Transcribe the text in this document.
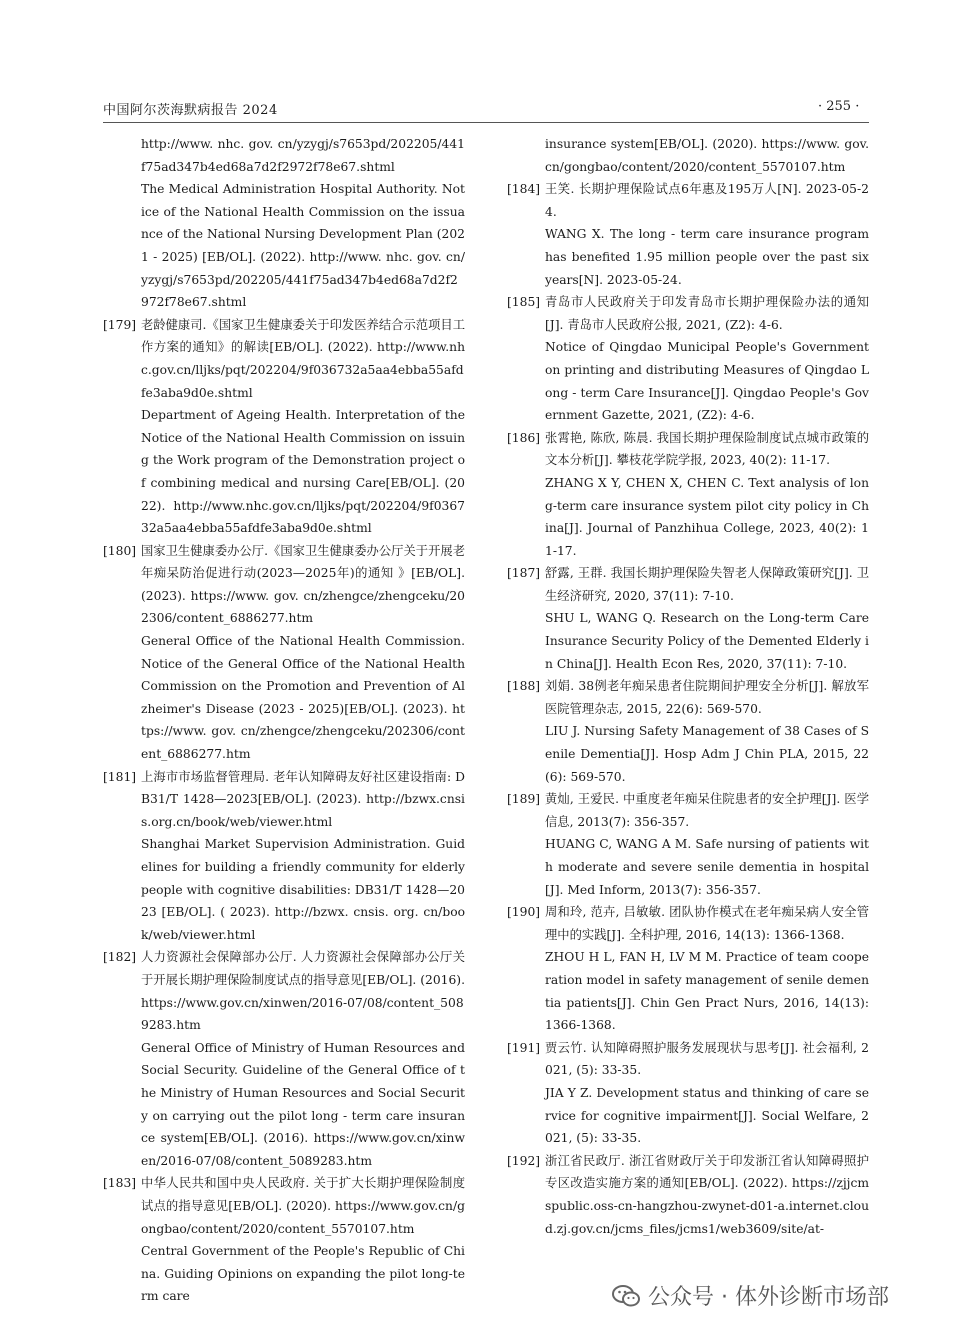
中国阿尔茨海默病报告 2024	· 255 ·

http://www. nhc. gov. cn/yzygj/s7653pd/202205/441f75ad347b4ed68a7d2f2972f78e67.shtml

The Medical Administration Hospital Authority. Notice of the National Health Commission on the issuance of the National Nursing Development Plan (2021 - 2025) [EB/OL]. (2022). http://www. nhc. gov. cn/yzygj/s7653pd/202205/441f75ad347b4ed68a7d2f2972f78e67.shtml

[179] 老龄健康司.《国家卫生健康委关于印发医养结合示范项目工作方案的通知》的解读[EB/OL]. (2022). http://www.nhc.gov.cn/lljks/pqt/202204/9f036732a5aa4ebba55afdfe3aba9d0e.shtml

Department of Ageing Health. Interpretation of the Notice of the National Health Commission on issuing the Work program of the Demonstration project of combining medical and nursing Care[EB/OL]. (2022). http://www.nhc.gov.cn/lljks/pqt/202204/9f036732a5aa4ebba55afdfe3aba9d0e.shtml

[180] 国家卫生健康委办公厅.《国家卫生健康委办公厅关于开展老年痴呆防治促进行动(2023—2025年)的通知 》[EB/OL]. (2023). https://www. gov. cn/zhengce/zhengceku/202306/content_6886277.htm

General Office of the National Health Commission. Notice of the General Office of the National Health Commission on the Promotion and Prevention of Alzheimer's Disease (2023 - 2025)[EB/OL]. (2023). https://www. gov. cn/zhengce/zhengceku/202306/content_6886277.htm

[181] 上海市市场监督管理局. 老年认知障碍友好社区建设指南: DB31/T 1428—2023[EB/OL]. (2023). http://bzwx.cnsis.org.cn/book/web/viewer.html

Shanghai Market Supervision Administration. Guidelines for building a friendly community for elderly people with cognitive disabilities: DB31/T 1428—2023 [EB/OL]. ( 2023). http://bzwx. cnsis. org. cn/book/web/viewer.html

[182] 人力资源社会保障部办公厅. 人力资源社会保障部办公厅关于开展长期护理保险制度试点的指导意见[EB/OL]. (2016). https://www.gov.cn/xinwen/2016-07/08/content_5089283.htm

General Office of Ministry of Human Resources and Social Security. Guideline of the General Office of the Ministry of Human Resources and Social Security on carrying out the pilot long - term care insurance system[EB/OL]. (2016). https://www.gov.cn/xinwen/2016-07/08/content_5089283.htm

[183] 中华人民共和国中央人民政府. 关于扩大长期护理保险制度试点的指导意见[EB/OL]. (2020). https://www.gov.cn/gongbao/content/2020/content_5570107.htm

Central Government of the People's Republic of China. Guiding Opinions on expanding the pilot long-term care

insurance system[EB/OL]. (2020). https://www. gov. cn/gongbao/content/2020/content_5570107.htm

[184] 王笑. 长期护理保险试点6年惠及195万人[N]. 2023-05-24.

WANG X. The long - term care insurance program has benefited 1.95 million people over the past six years[N]. 2023-05-24.

[185] 青岛市人民政府关于印发青岛市长期护理保险办法的通知[J]. 青岛市人民政府公报, 2021, (Z2): 4-6.

Notice of Qingdao Municipal People's Government on printing and distributing Measures of Qingdao Long - term Care Insurance[J]. Qingdao People's Government Gazette, 2021, (Z2): 4-6.

[186] 张霄艳, 陈欣, 陈晨. 我国长期护理保险制度试点城市政策的文本分析[J]. 攀枝花学院学报, 2023, 40(2): 11-17.

ZHANG X Y, CHEN X, CHEN C. Text analysis of long-term care insurance system pilot city policy in China[J]. Journal of Panzhihua College, 2023, 40(2): 11-17.

[187] 舒露, 王群. 我国长期护理保险失智老人保障政策研究[J]. 卫生经济研究, 2020, 37(11): 7-10.

SHU L, WANG Q. Research on the Long-term Care Insurance Security Policy of the Demented Elderly in China[J]. Health Econ Res, 2020, 37(11): 7-10.

[188] 刘娟. 38例老年痴呆患者住院期间护理安全分析[J]. 解放军医院管理杂志, 2015, 22(6): 569-570.

LIU J. Nursing Safety Management of 38 Cases of Senile Dementia[J]. Hosp Adm J Chin PLA, 2015, 22(6): 569-570.

[189] 黄灿, 王爱民. 中重度老年痴呆住院患者的安全护理[J]. 医学信息, 2013(7): 356-357.

HUANG C, WANG A M. Safe nursing of patients with moderate and severe senile dementia in hospital[J]. Med Inform, 2013(7): 356-357.

[190] 周和玲, 范卉, 吕敏敏. 团队协作模式在老年痴呆病人安全管理中的实践[J]. 全科护理, 2016, 14(13): 1366-1368.

ZHOU H L, FAN H, LV M M. Practice of team cooperation model in safety management of senile dementia patients[J]. Chin Gen Pract Nurs, 2016, 14(13): 1366-1368.

[191] 贾云竹. 认知障碍照护服务发展现状与思考[J]. 社会福利, 2021, (5): 33-35.

JIA Y Z. Development status and thinking of care service for cognitive impairment[J]. Social Welfare, 2021, (5): 33-35.

[192] 浙江省民政厅. 浙江省财政厅关于印发浙江省认知障碍照护专区改造实施方案的通知[EB/OL]. (2022). https://zjjcmspublic.oss-cn-hangzhou-zwynet-d01-a.internet.cloud.zj.gov.cn/jcms_files/jcms1/web3609/site/at-

公众号 · 体外诊断市场部
